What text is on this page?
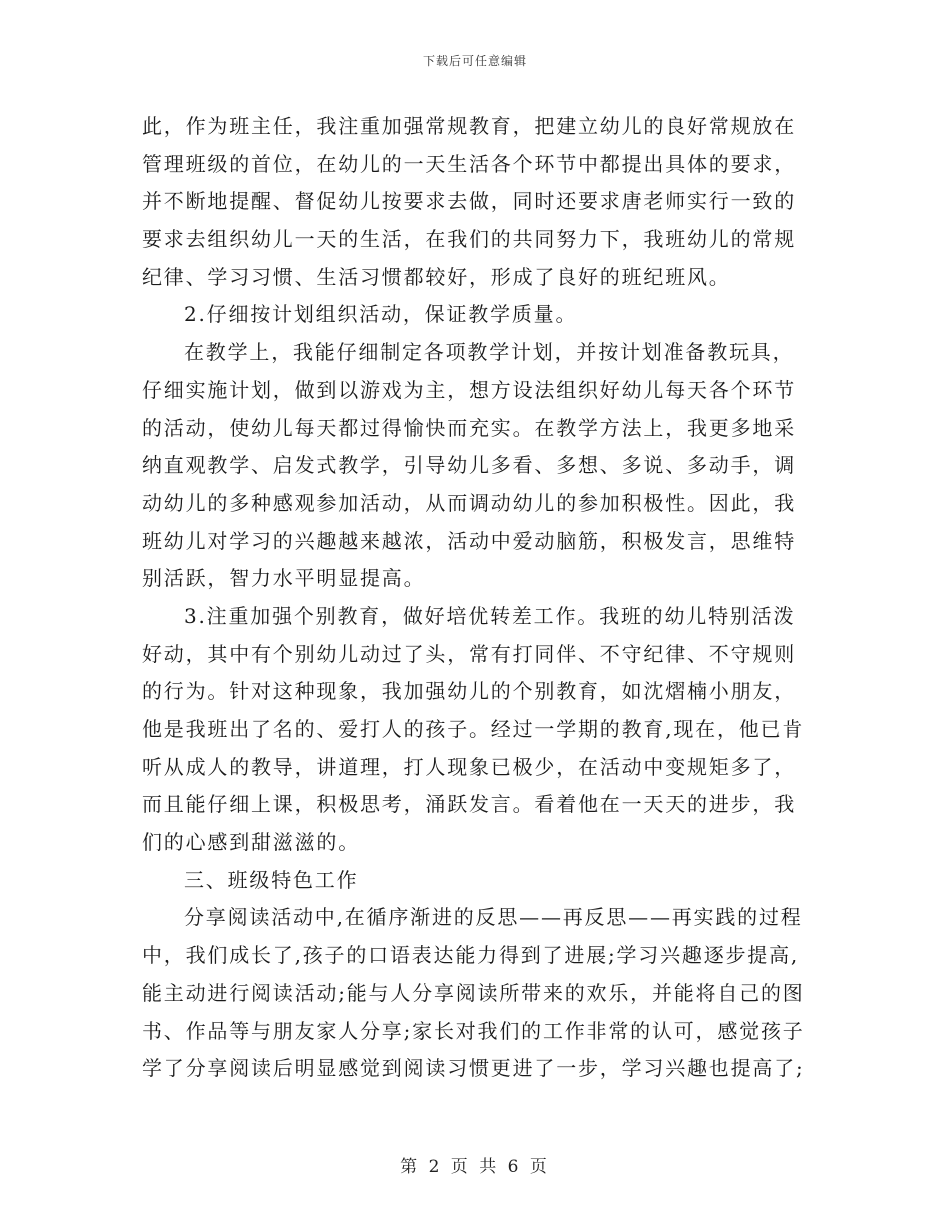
下载后可任意编辑
此，作为班主任，我注重加强常规教育，把建立幼儿的良好常规放在
管理班级的首位，在幼儿的一天生活各个环节中都提出具体的要求，
并不断地提醒、督促幼儿按要求去做，同时还要求唐老师实行一致的
要求去组织幼儿一天的生活，在我们的共同努力下，我班幼儿的常规
纪律、学习习惯、生活习惯都较好，形成了良好的班纪班风。
2.仔细按计划组织活动，保证教学质量。
在教学上，我能仔细制定各项教学计划，并按计划准备教玩具，
仔细实施计划，做到以游戏为主，想方设法组织好幼儿每天各个环节
的活动，使幼儿每天都过得愉快而充实。在教学方法上，我更多地采
纳直观教学、启发式教学，引导幼儿多看、多想、多说、多动手，调
动幼儿的多种感观参加活动，从而调动幼儿的参加积极性。因此，我
班幼儿对学习的兴趣越来越浓，活动中爱动脑筋，积极发言，思维特
别活跃，智力水平明显提高。
3.注重加强个别教育，做好培优转差工作。我班的幼儿特别活泼
好动，其中有个别幼儿动过了头，常有打同伴、不守纪律、不守规则
的行为。针对这种现象，我加强幼儿的个别教育，如沈熠楠小朋友，
他是我班出了名的、爱打人的孩子。经过一学期的教育,现在，他已肯
听从成人的教导，讲道理，打人现象已极少，在活动中变规矩多了，
而且能仔细上课，积极思考，涌跃发言。看着他在一天天的进步，我
们的心感到甜滋滋的。
三、班级特色工作
分享阅读活动中,在循序渐进的反思——再反思——再实践的过程
中，我们成长了,孩子的口语表达能力得到了进展;学习兴趣逐步提高,
能主动进行阅读活动;能与人分享阅读所带来的欢乐，并能将自己的图
书、作品等与朋友家人分享;家长对我们的工作非常的认可，感觉孩子
学了分享阅读后明显感觉到阅读习惯更进了一步，学习兴趣也提高了;
第 2 页 共 6 页
